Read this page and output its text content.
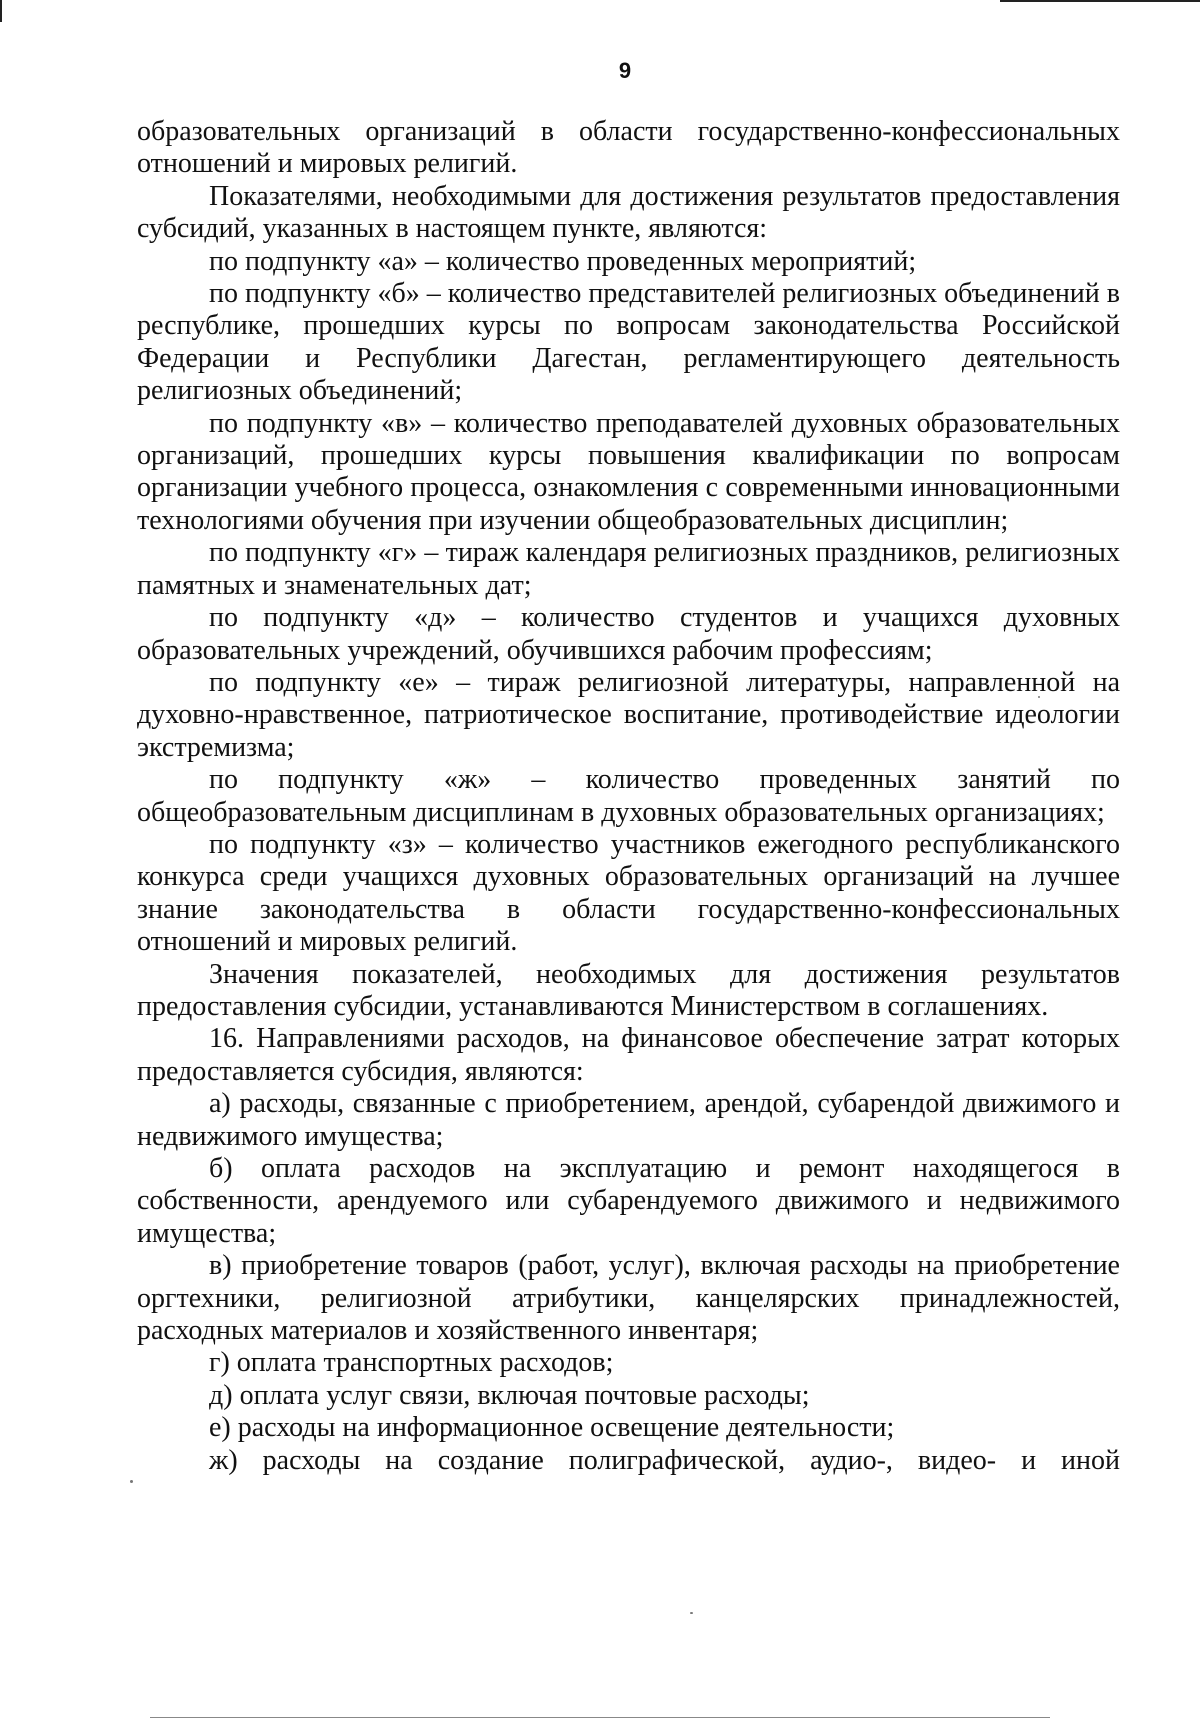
9

образовательных организаций в области государственно-конфессиональных отношений и мировых религий.

Показателями, необходимыми для достижения результатов предоставления субсидий, указанных в настоящем пункте, являются:

по подпункту «а» – количество проведенных мероприятий;

по подпункту «б» – количество представителей религиозных объединений в республике, прошедших курсы по вопросам законодательства Российской Федерации и Республики Дагестан, регламентирующего деятельность религиозных объединений;

по подпункту «в» – количество преподавателей духовных образовательных организаций, прошедших курсы повышения квалификации по вопросам организации учебного процесса, ознакомления с современными инновационными технологиями обучения при изучении общеобразовательных дисциплин;

по подпункту «г» – тираж календаря религиозных праздников, религиозных памятных и знаменательных дат;

по подпункту «д» – количество студентов и учащихся духовных образовательных учреждений, обучившихся рабочим профессиям;

по подпункту «е» – тираж религиозной литературы, направленной на духовно-нравственное, патриотическое воспитание, противодействие идеологии экстремизма;

по подпункту «ж» – количество проведенных занятий по общеобразовательным дисциплинам в духовных образовательных организациях;

по подпункту «з» – количество участников ежегодного республиканского конкурса среди учащихся духовных образовательных организаций на лучшее знание законодательства в области государственно-конфессиональных отношений и мировых религий.

Значения показателей, необходимых для достижения результатов предоставления субсидии, устанавливаются Министерством в соглашениях.

16. Направлениями расходов, на финансовое обеспечение затрат которых предоставляется субсидия, являются:

а) расходы, связанные с приобретением, арендой, субарендой движимого и недвижимого имущества;

б) оплата расходов на эксплуатацию и ремонт находящегося в собственности, арендуемого или субарендуемого движимого и недвижимого имущества;

в) приобретение товаров (работ, услуг), включая расходы на приобретение оргтехники, религиозной атрибутики, канцелярских принадлежностей, расходных материалов и хозяйственного инвентаря;

г) оплата транспортных расходов;

д) оплата услуг связи, включая почтовые расходы;

е) расходы на информационное освещение деятельности;

ж) расходы на создание полиграфической, аудио-, видео- и иной
